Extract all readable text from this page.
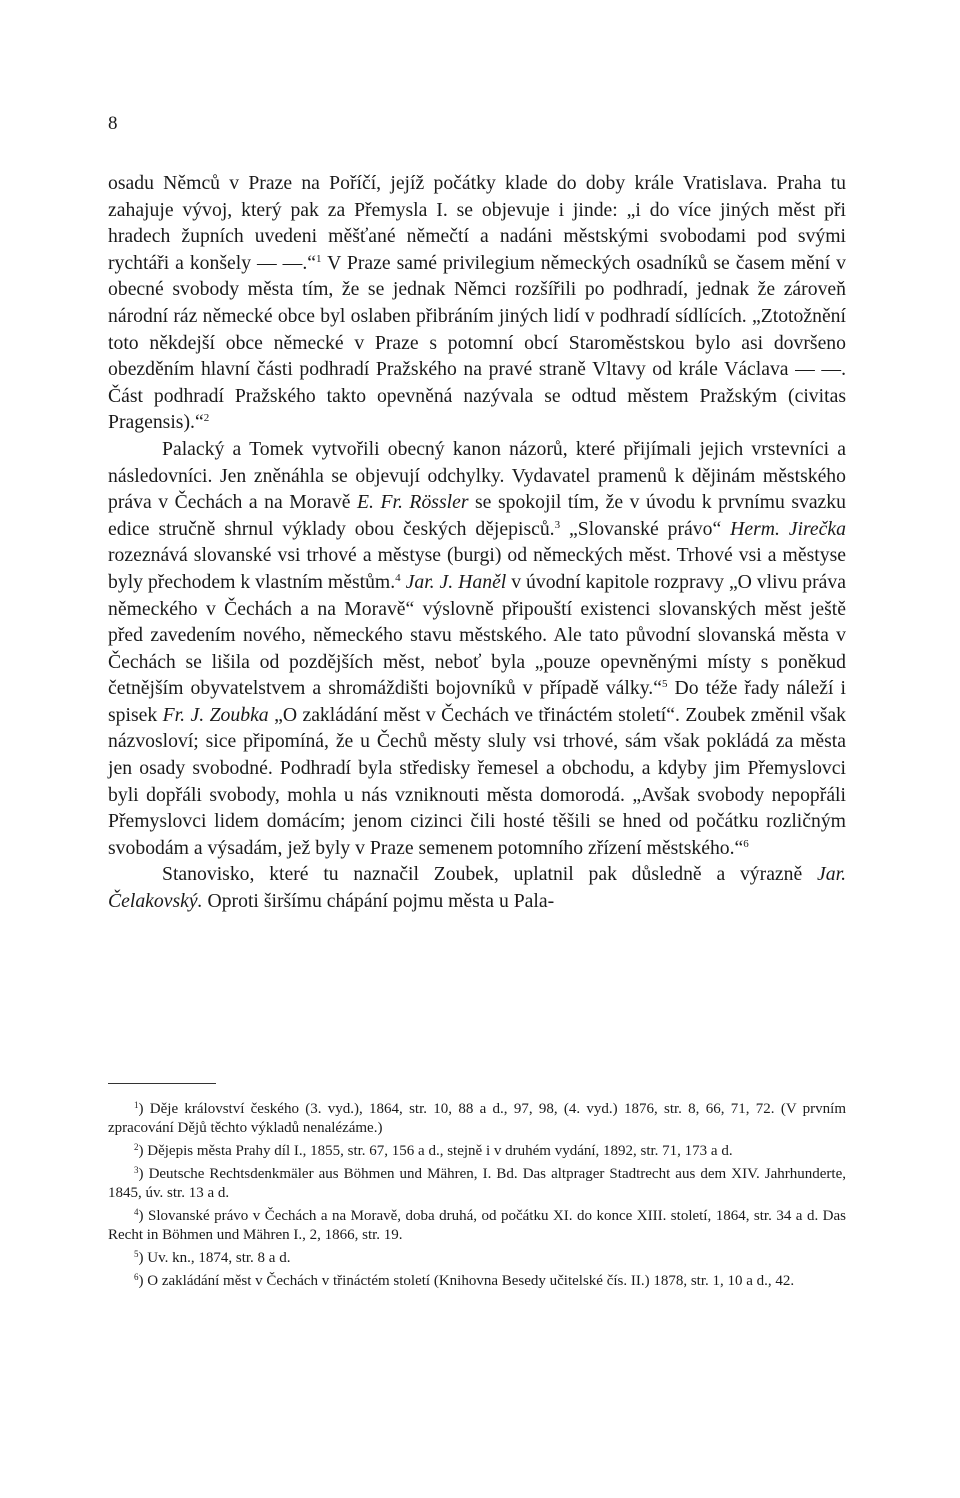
8

osadu Němců v Praze na Poříčí, jejíž počátky klade do doby krále Vratislava. Praha tu zahajuje vývoj, který pak za Přemysla I. se objevuje i jinde: „i do více jiných měst při hradech župních uvedeni měšťané němečtí a nadáni městskými svobodami pod svými rychtáři a konšely — —.“$^1$ V Praze samé privilegium německých osadníků se časem mění v obecné svobody města tím, že se jednak Němci rozšířili po podhradí, jednak že zároveň národní ráz německé obce byl oslaben přibráním jiných lidí v podhradí sídlících. „Ztotožnění toto někdejší obce německé v Praze s potomní obcí Staroměstskou bylo asi dovršeno obezděním hlavní části podhradí Pražského na pravé straně Vltavy od krále Václava — —. Část podhradí Pražského takto opevněná nazývala se odtud městem Pražským (civitas Pragensis).“$^2$

Palacký a Tomek vytvořili obecný kanon názorů, které přijímali jejich vrstevníci a následovníci. Jen zněnáhla se objevují odchylky. Vydavatel pramenů k dějinám městského práva v Čechách a na Moravě E. Fr. Rössler se spokojil tím, že v úvodu k prvnímu svazku edice stručně shrnul výklady obou českých dějepisců.$^3$ „Slovanské právo“ Herm. Jirečka rozeznává slovanské vsi trhové a městyse (burgi) od německých měst. Trhové vsi a městyse byly přechodem k vlastním městům.$^4$ Jar. J. Haněl v úvodní kapitole rozpravy „O vlivu práva německého v Čechách a na Moravě“ výslovně připouští existenci slovanských měst ještě před zavedením nového, německého stavu městského. Ale tato původní slovanská města v Čechách se lišila od pozdějších měst, neboť byla „pouze opevněnými místy s poněkud četnějším obyvatelstvem a shromáždišti bojovníků v případě války.“$^5$ Do téže řady náleží i spisek Fr. J. Zoubka „O zakládání měst v Čechách ve třináctém století“. Zoubek změnil však názvosloví; sice připomíná, že u Čechů městy sluly vsi trhové, sám však pokládá za města jen osady svobodné. Podhradí byla středisky řemesel a obchodu, a kdyby jim Přemyslovci byli dopřáli svobody, mohla u nás vzniknouti města domorodá. „Avšak svobody nepopřáli Přemyslovci lidem domácím; jenom cizinci čili hosté těšili se hned od počátku rozličným svobodám a výsadám, jež byly v Praze semenem potomního zřízení městského.“$^6$

Stanovisko, které tu naznačil Zoubek, uplatnil pak důsledně a výrazně Jar. Čelakovský. Oproti širšímu chápání pojmu města u Pala-

$^1$) Děje království českého (3. vyd.), 1864, str. 10, 88 a d., 97, 98, (4. vyd.) 1876, str. 8, 66, 71, 72. (V prvním zpracování Dějů těchto výkladů nenalézáme.)

$^2$) Dějepis města Prahy díl I., 1855, str. 67, 156 a d., stejně i v druhém vydání, 1892, str. 71, 173 a d.

$^3$) Deutsche Rechtsdenkmäler aus Böhmen und Mähren, I. Bd. Das altprager Stadtrecht aus dem XIV. Jahrhunderte, 1845, úv. str. 13 a d.

$^4$) Slovanské právo v Čechách a na Moravě, doba druhá, od počátku XI. do konce XIII. století, 1864, str. 34 a d. Das Recht in Böhmen und Mähren I., 2, 1866, str. 19.

$^5$) Uv. kn., 1874, str. 8 a d.

$^6$) O zakládání měst v Čechách v třináctém století (Knihovna Besedy učitelské čís. II.) 1878, str. 1, 10 a d., 42.
